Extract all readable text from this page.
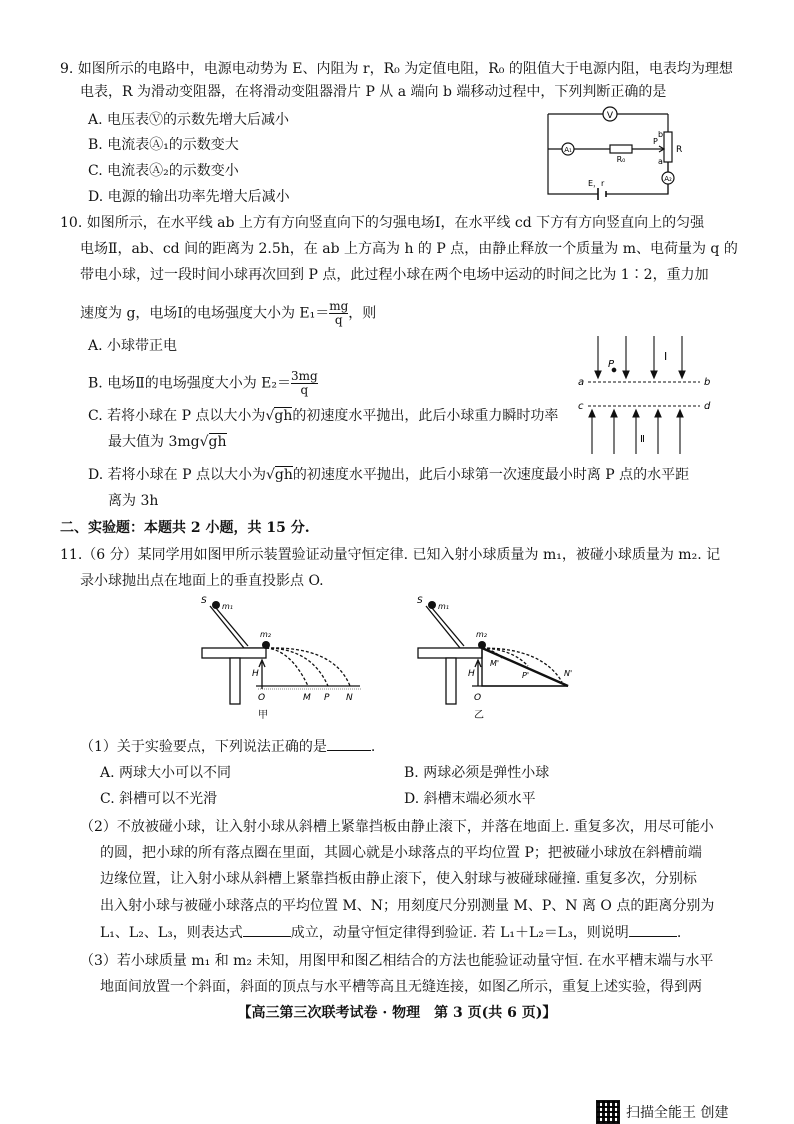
9. 如图所示的电路中，电源电动势为 E、内阻为 r，R₀ 为定值电阻，R₀ 的阻值大于电源内阻，电表均为理想
电表，R 为滑动变阻器，在将滑动变阻器滑片 P 从 a 端向 b 端移动过程中，下列判断正确的是
A. 电压表Ⓥ的示数先增大后减小
B. 电流表Ⓐ₁的示数变大
C. 电流表Ⓐ₂的示数变小
D. 电源的输出功率先增大后减小
V
A₁
R₀
R
P
b
a
A₂
E，r
10. 如图所示，在水平线 ab 上方有方向竖直向下的匀强电场Ⅰ，在水平线 cd 下方有方向竖直向上的匀强
电场Ⅱ，ab、cd 间的距离为 2.5h，在 ab 上方高为 h 的 P 点，由静止释放一个质量为 m、电荷量为 q 的
带电小球，过一段时间小球再次回到 P 点，此过程小球在两个电场中运动的时间之比为 1∶2，重力加
速度为 g，电场Ⅰ的电场强度大小为 $E_1= \frac{mg}{q}$ ，则
A. 小球带正电
B. 电场Ⅱ的电场强度大小为 $E_2= \frac{3mg}{q}$
C. 若将小球在 P 点以大小为√gh的初速度水平抛出，此后小球重力瞬时功率
最大值为 3mg√gh
D. 若将小球在 P 点以大小为√gh的初速度水平抛出，此后小球第一次速度最小时离 P 点的水平距
离为 3h
a	b
c	d
P
Ⅰ
Ⅱ
二、实验题：本题共 2 小题，共 15 分.
11.（6 分）某同学用如图甲所示装置验证动量守恒定律. 已知入射小球质量为 m₁，被碰小球质量为 m₂. 记
录小球抛出点在地面上的垂直投影点 O.
S
m₁
m₂
H
O	M P N
甲
S
m₁
m₂
H
O
M'
P'	N'
乙
（1）关于实验要点，下列说法正确的是	.
A. 两球大小可以不同	B. 两球必须是弹性小球
C. 斜槽可以不光滑	D. 斜槽末端必须水平
（2）不放被碰小球，让入射小球从斜槽上紧靠挡板由静止滚下，并落在地面上. 重复多次，用尽可能小
的圆，把小球的所有落点圈在里面，其圆心就是小球落点的平均位置 P；把被碰小球放在斜槽前端
边缘位置，让入射小球从斜槽上紧靠挡板由静止滚下，使入射球与被碰球碰撞. 重复多次，分别标
出入射小球与被碰小球落点的平均位置 M、N；用刻度尺分别测量 M、P、N 离 O 点的距离分别为
L₁、L₂、L₃，则表达式	成立，动量守恒定律得到验证. 若 L₁＋L₂＝L₃，则说明	.
（3）若小球质量 m₁ 和 m₂ 未知，用图甲和图乙相结合的方法也能验证动量守恒. 在水平槽末端与水平
地面间放置一个斜面，斜面的顶点与水平槽等高且无缝连接，如图乙所示，重复上述实验，得到两
【高三第三次联考试卷 · 物理　第 3 页(共 6 页)】
扫描全能王 创建
